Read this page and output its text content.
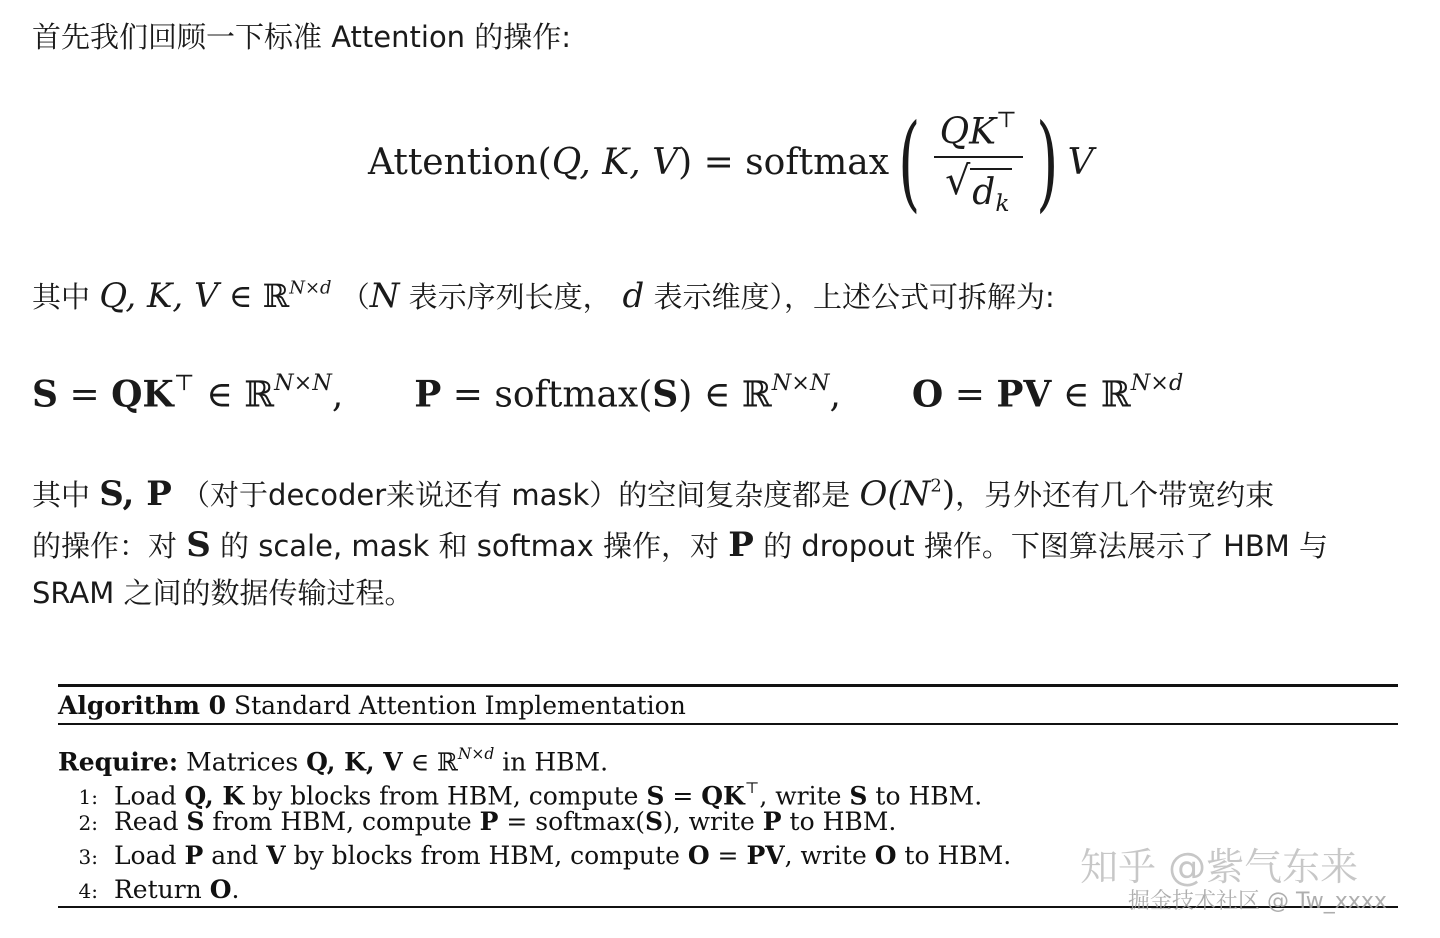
首先我们回顾一下标准 Attention 的操作:
Attention( Q, K, V ) = softmax ( $\frac{QK^⊤}{√ d_k}$ ) V
其中 Q, K, V ∈ ℝ$^{N\times d}$ （N 表示序列长度， d 表示维度），上述公式可拆解为:
S = QK⊤ ∈ ℝ$^{N\times N}$, P = softmax(S) ∈ ℝ$^{N\times N}$, O = PV ∈ ℝ$^{N\times d}$
其中 S, P （对于decoder来说还有 mask）的空间复杂度都是 $O(N^2)$，另外还有几个带宽约束
的操作：对 S 的 scale, mask 和 softmax 操作，对 P 的 dropout 操作。下图算法展示了 HBM 与
SRAM 之间的数据传输过程。
Algorithm 0 Standard Attention Implementation
Require: Matrices Q, K, V ∈ ℝ$^{N\times d}$ in HBM.
1: Load Q, K by blocks from HBM, compute S = QK⊤, write S to HBM.
2: Read S from HBM, compute P = softmax(S), write P to HBM.
3: Load P and V by blocks from HBM, compute O = PV, write O to HBM.
4: Return O.	知乎 @紫气东来
掘金技术社区 @ Tw_xxxx
